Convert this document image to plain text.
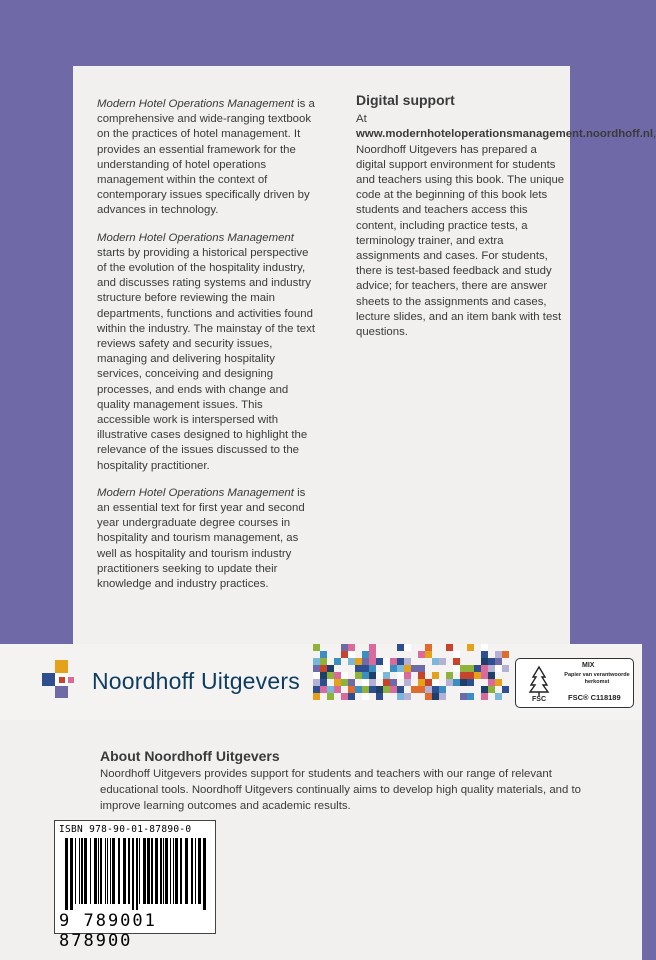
Modern Hotel Operations Management is a comprehensive and wide-ranging textbook on the practices of hotel management. It provides an essential framework for the understanding of hotel operations management within the context of contemporary issues specifically driven by advances in technology.

Modern Hotel Operations Management starts by providing a historical perspective of the evolution of the hospitality industry, and discusses rating systems and industry structure before reviewing the main departments, functions and activities found within the industry. The mainstay of the text reviews safety and security issues, managing and delivering hospitality services, conceiving and designing processes, and ends with change and quality management issues. This accessible work is interspersed with illustrative cases designed to highlight the relevance of the issues discussed to the hospitality practitioner.

Modern Hotel Operations Management is an essential text for first year and second year undergraduate degree courses in hospitality and tourism management, as well as hospitality and tourism industry practitioners seeking to update their knowledge and industry practices.

Digital support

At www.modernhoteloperationsmanagement.noordhoff.nl, Noordhoff Uitgevers has prepared a digital support environment for students and teachers using this book. The unique code at the beginning of this book lets students and teachers access this content, including practice tests, a terminology trainer, and extra assignments and cases. For students, there is test-based feedback and study advice; for teachers, there are answer sheets to the assignments and cases, lecture slides, and an item bank with test questions.

Noordhoff Uitgevers
FSC
MIX
Papier van verantwoorde herkomst
FSC® C118189
About Noordhoff Uitgevers

Noordhoff Uitgevers provides support for students and teachers with our range of relevant educational tools. Noordhoff Uitgevers continually aims to develop high quality materials, and to improve learning outcomes and academic results.

ISBN 978-90-01-87890-0
9 789001 878900
